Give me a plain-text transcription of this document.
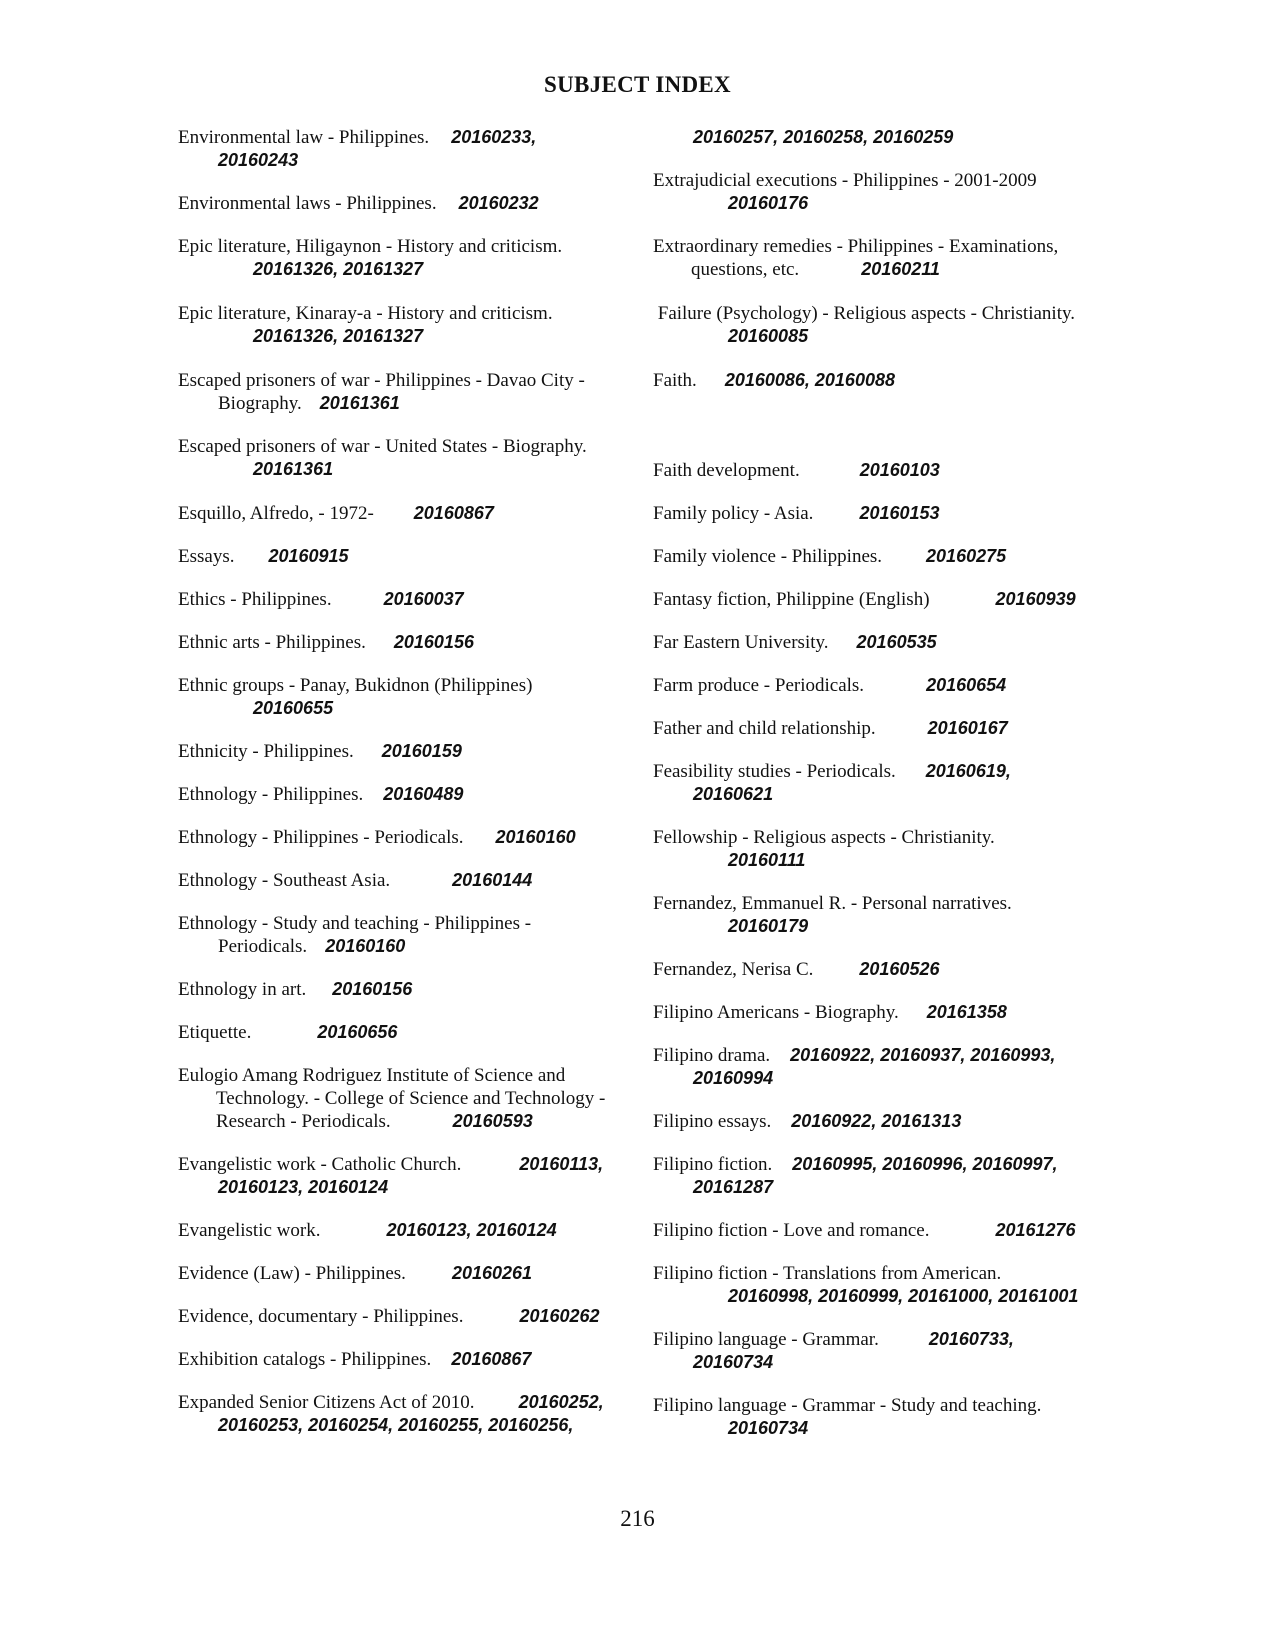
SUBJECT INDEX
Environmental law - Philippines. 20160233,
20160243
Environmental laws - Philippines. 20160232
Epic literature, Hiligaynon - History and criticism.
20161326, 20161327
Epic literature, Kinaray-a - History and criticism.
20161326, 20161327
Escaped prisoners of war - Philippines - Davao City -
Biography. 20161361
Escaped prisoners of war - United States - Biography.
20161361
Esquillo, Alfredo, - 1972- 20160867
Essays. 20160915
Ethics - Philippines.	20160037
Ethnic arts - Philippines. 20160156
Ethnic groups - Panay, Bukidnon (Philippines)
20160655
Ethnicity - Philippines. 20160159
Ethnology - Philippines. 20160489
Ethnology - Philippines - Periodicals. 20160160
Ethnology - Southeast Asia.	20160144
Ethnology - Study and teaching - Philippines -
Periodicals. 20160160
Ethnology in art. 20160156
Etiquette.	20160656
Eulogio Amang Rodriguez Institute of Science and
Technology. - College of Science and Technology -
Research - Periodicals.	20160593
Evangelistic work - Catholic Church.	20160113,
20160123, 20160124
Evangelistic work.	20160123, 20160124
Evidence (Law) - Philippines.	20160261
Evidence, documentary - Philippines.	20160262
Exhibition catalogs - Philippines. 20160867
Expanded Senior Citizens Act of 2010. 20160252,
20160253, 20160254, 20160255, 20160256,
20160257, 20160258, 20160259
Extrajudicial executions - Philippines - 2001-2009
20160176
Extraordinary remedies - Philippines - Examinations,
questions, etc.	20160211
Failure (Psychology) - Religious aspects - Christianity.
20160085
Faith. 20160086, 20160088
Faith development.	20160103
Family policy - Asia.	20160153
Family violence - Philippines. 20160275
Fantasy fiction, Philippine (English)	20160939
Far Eastern University. 20160535
Farm produce - Periodicals.	20160654
Father and child relationship.	20160167
Feasibility studies - Periodicals. 20160619,
20160621
Fellowship - Religious aspects - Christianity.
20160111
Fernandez, Emmanuel R. - Personal narratives.
20160179
Fernandez, Nerisa C.	20160526
Filipino Americans - Biography. 20161358
Filipino drama. 20160922, 20160937, 20160993,
20160994
Filipino essays. 20160922, 20161313
Filipino fiction. 20160995, 20160996, 20160997,
20161287
Filipino fiction - Love and romance.	20161276
Filipino fiction - Translations from American.
20160998, 20160999, 20161000, 20161001
Filipino language - Grammar.	20160733,
20160734
Filipino language - Grammar - Study and teaching.
20160734
216
